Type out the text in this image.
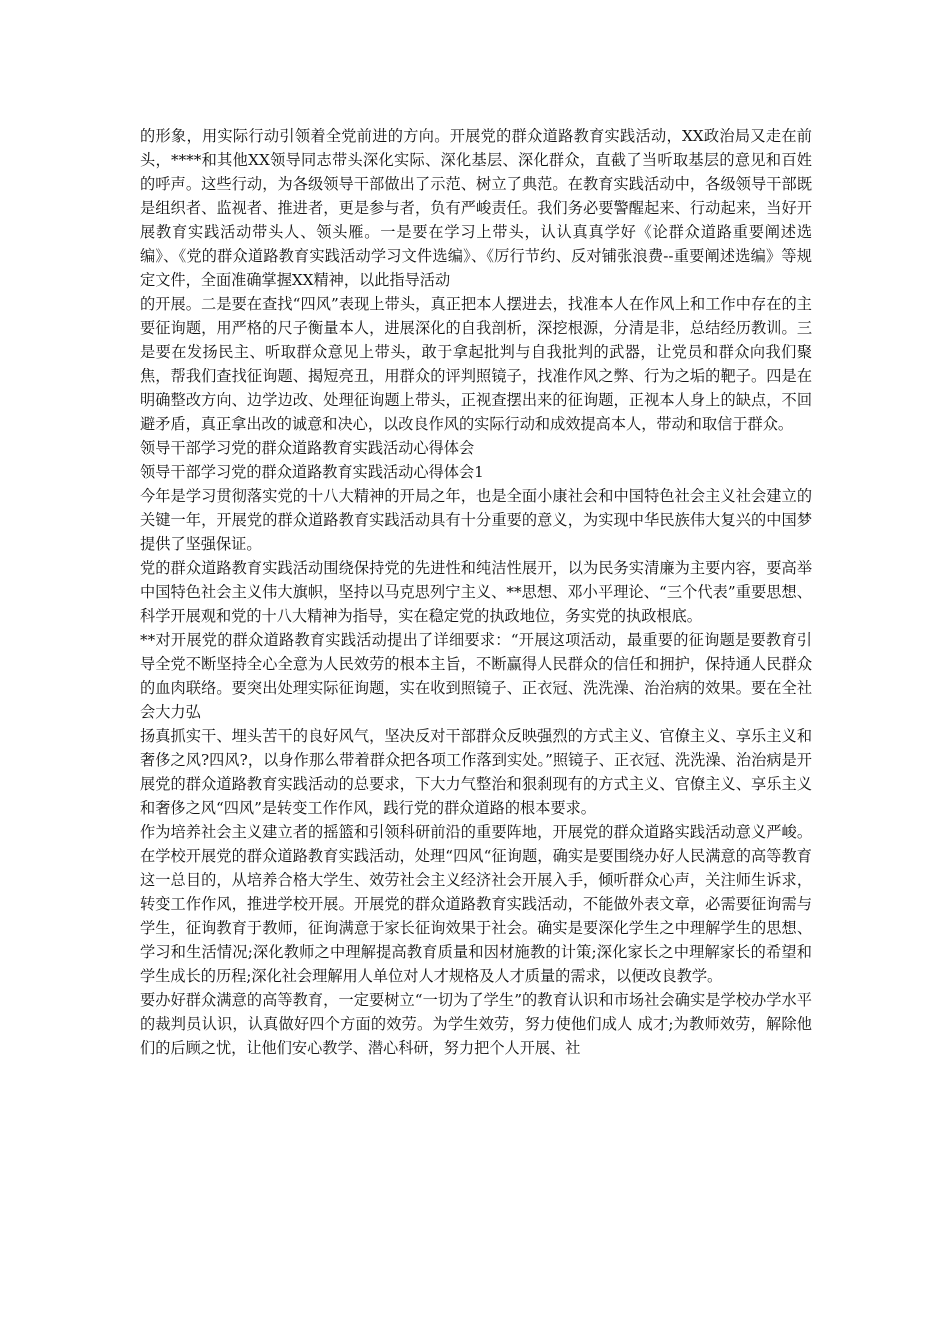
的形象，用实际行动引领着全党前进的方向。开展党的群众道路教育实践活动，XX政治局又走在前头，****和其他XX领导同志带头深化实际、深化基层、深化群众，直截了当听取基层的意见和百姓的呼声。这些行动，为各级领导干部做出了示范、树立了典范。在教育实践活动中，各级领导干部既是组织者、监视者、推进者，更是参与者，负有严峻责任。我们务必要警醒起来、行动起来，当好开展教育实践活动带头人、领头雁。一是要在学习上带头，认认真真学好《论群众道路重要阐述选编》、《党的群众道路教育实践活动学习文件选编》、《厉行节约、反对铺张浪费--重要阐述选编》等规定文件，全面准确掌握XX精神，以此指导活动

的开展。二是要在查找“四风”表现上带头，真正把本人摆进去，找准本人在作风上和工作中存在的主要征询题，用严格的尺子衡量本人，进展深化的自我剖析，深挖根源，分清是非，总结经历教训。三是要在发扬民主、听取群众意见上带头，敢于拿起批判与自我批判的武器，让党员和群众向我们聚焦，帮我们查找征询题、揭短亮丑，用群众的评判照镜子，找准作风之弊、行为之垢的靶子。四是在明确整改方向、边学边改、处理征询题上带头，正视查摆出来的征询题，正视本人身上的缺点，不回避矛盾，真正拿出改的诚意和决心，以改良作风的实际行动和成效提高本人，带动和取信于群众。

领导干部学习党的群众道路教育实践活动心得体会

领导干部学习党的群众道路教育实践活动心得体会1

今年是学习贯彻落实党的十八大精神的开局之年，也是全面小康社会和中国特色社会主义社会建立的关键一年，开展党的群众道路教育实践活动具有十分重要的意义，为实现中华民族伟大复兴的中国梦提供了坚强保证。

党的群众道路教育实践活动围绕保持党的先进性和纯洁性展开，以为民务实清廉为主要内容，要高举中国特色社会主义伟大旗帜，坚持以马克思列宁主义、**思想、邓小平理论、“三个代表”重要思想、科学开展观和党的十八大精神为指导，实在稳定党的执政地位，务实党的执政根底。

**对开展党的群众道路教育实践活动提出了详细要求：“开展这项活动，最重要的征询题是要教育引导全党不断坚持全心全意为人民效劳的根本主旨，不断赢得人民群众的信任和拥护，保持通人民群众的血肉联络。要突出处理实际征询题，实在收到照镜子、正衣冠、洗洗澡、治治病的效果。要在全社会大力弘

扬真抓实干、埋头苦干的良好风气，坚决反对干部群众反映强烈的方式主义、官僚主义、享乐主义和奢侈之风?四风?，以身作那么带着群众把各项工作落到实处。”照镜子、正衣冠、洗洗澡、治治病是开展党的群众道路教育实践活动的总要求，下大力气整治和狠刹现有的方式主义、官僚主义、享乐主义和奢侈之风“四风”是转变工作作风，践行党的群众道路的根本要求。

作为培养社会主义建立者的摇篮和引领科研前沿的重要阵地，开展党的群众道路实践活动意义严峻。在学校开展党的群众道路教育实践活动，处理“四风“征询题，确实是要围绕办好人民满意的高等教育这一总目的，从培养合格大学生、效劳社会主义经济社会开展入手，倾听群众心声，关注师生诉求，转变工作作风，推进学校开展。开展党的群众道路教育实践活动，不能做外表文章，必需要征询需与学生，征询教育于教师，征询满意于家长征询效果于社会。确实是要深化学生之中理解学生的思想、学习和生活情况;深化教师之中理解提高教育质量和因材施教的计策;深化家长之中理解家长的希望和学生成长的历程;深化社会理解用人单位对人才规格及人才质量的需求，以便改良教学。

要办好群众满意的高等教育，一定要树立“一切为了学生”的教育认识和市场社会确实是学校办学水平的裁判员认识，认真做好四个方面的效劳。为学生效劳，努力使他们成人 成才;为教师效劳，解除他们的后顾之忧，让他们安心教学、潜心科研，努力把个人开展、社
